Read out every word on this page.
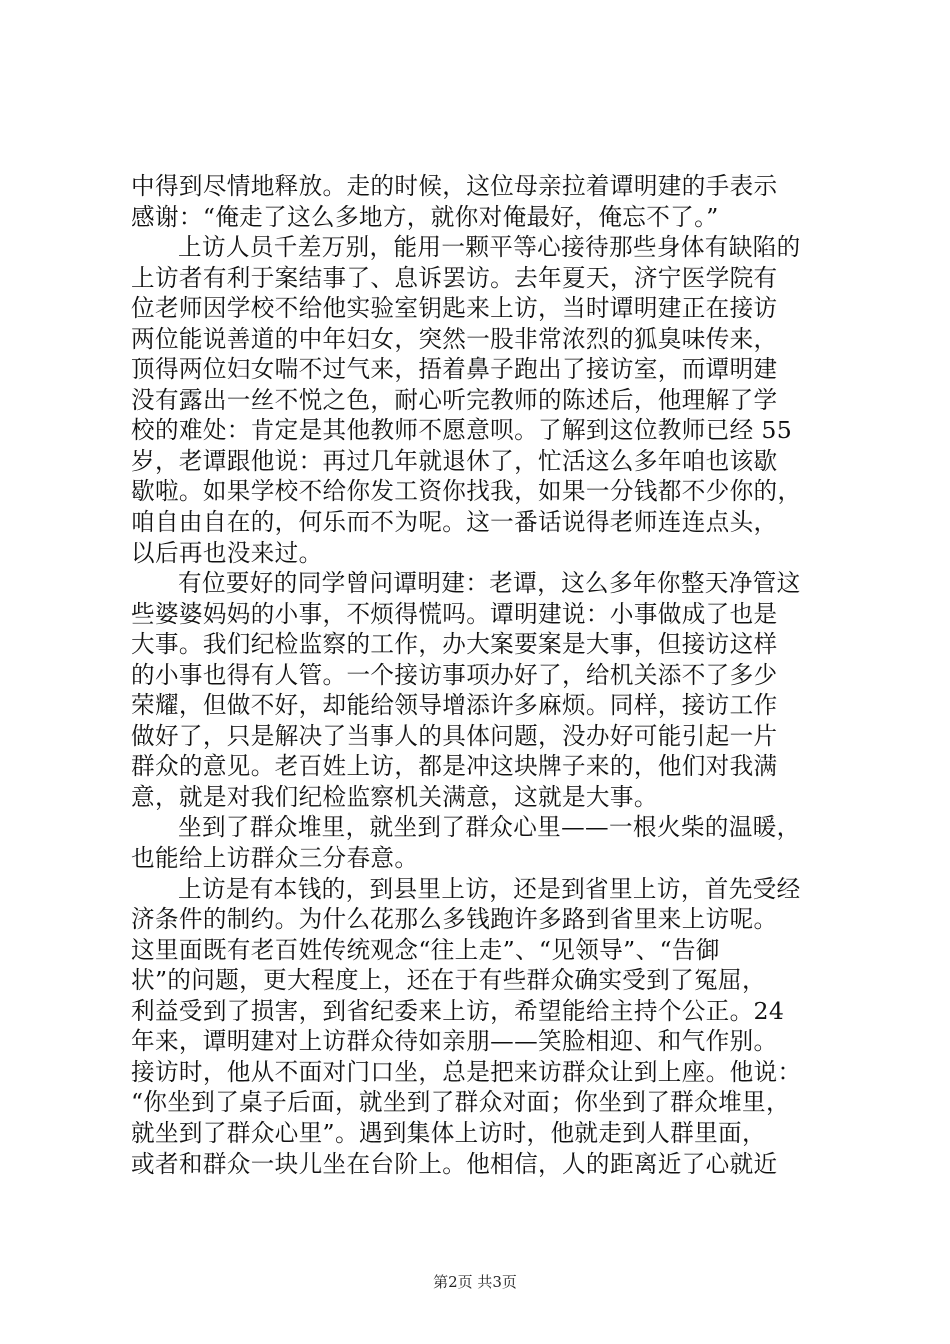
中得到尽情地释放。走的时候，这位母亲拉着谭明建的手表示
感谢：“俺走了这么多地方，就你对俺最好，俺忘不了。”
上访人员千差万别，能用一颗平等心接待那些身体有缺陷的
上访者有利于案结事了、息诉罢访。去年夏天，济宁医学院有
位老师因学校不给他实验室钥匙来上访，当时谭明建正在接访
两位能说善道的中年妇女，突然一股非常浓烈的狐臭味传来，
顶得两位妇女喘不过气来，捂着鼻子跑出了接访室，而谭明建
没有露出一丝不悦之色，耐心听完教师的陈述后，他理解了学
校的难处：肯定是其他教师不愿意呗。了解到这位教师已经 55
岁，老谭跟他说：再过几年就退休了，忙活这么多年咱也该歇
歇啦。如果学校不给你发工资你找我，如果一分钱都不少你的，
咱自由自在的，何乐而不为呢。这一番话说得老师连连点头，
以后再也没来过。
有位要好的同学曾问谭明建：老谭，这么多年你整天净管这
些婆婆妈妈的小事，不烦得慌吗。谭明建说：小事做成了也是
大事。我们纪检监察的工作，办大案要案是大事，但接访这样
的小事也得有人管。一个接访事项办好了，给机关添不了多少
荣耀，但做不好，却能给领导增添许多麻烦。同样，接访工作
做好了，只是解决了当事人的具体问题，没办好可能引起一片
群众的意见。老百姓上访，都是冲这块牌子来的，他们对我满
意，就是对我们纪检监察机关满意，这就是大事。
坐到了群众堆里，就坐到了群众心里——一根火柴的温暖，
也能给上访群众三分春意。
上访是有本钱的，到县里上访，还是到省里上访，首先受经
济条件的制约。为什么花那么多钱跑许多路到省里来上访呢。
这里面既有老百姓传统观念“往上走”、“见领导”、“告御
状”的问题，更大程度上，还在于有些群众确实受到了冤屈，
利益受到了损害，到省纪委来上访，希望能给主持个公正。24
年来，谭明建对上访群众待如亲朋——笑脸相迎、和气作别。
接访时，他从不面对门口坐，总是把来访群众让到上座。他说：
“你坐到了桌子后面，就坐到了群众对面；你坐到了群众堆里，
就坐到了群众心里”。遇到集体上访时，他就走到人群里面，
或者和群众一块儿坐在台阶上。他相信，人的距离近了心就近
第2页 共3页
